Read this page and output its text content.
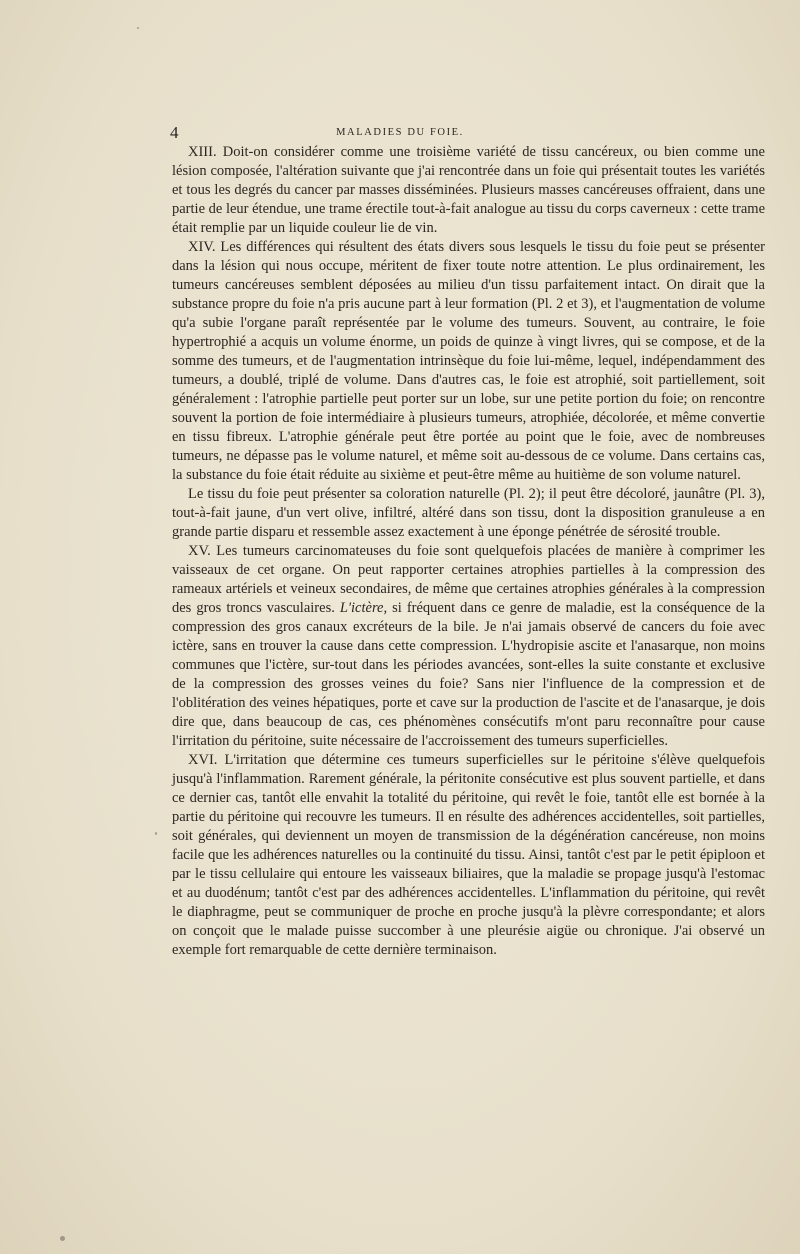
4	MALADIES DU FOIE.

XIII. Doit-on considérer comme une troisième variété de tissu cancéreux, ou bien comme une lésion composée, l'altération suivante que j'ai rencontrée dans un foie qui présentait toutes les variétés et tous les degrés du cancer par masses disséminées. Plusieurs masses cancéreuses offraient, dans une partie de leur étendue, une trame érectile tout-à-fait analogue au tissu du corps caverneux : cette trame était remplie par un liquide couleur lie de vin.

XIV. Les différences qui résultent des états divers sous lesquels le tissu du foie peut se présenter dans la lésion qui nous occupe, méritent de fixer toute notre attention. Le plus ordinairement, les tumeurs cancéreuses semblent déposées au milieu d'un tissu parfaitement intact. On dirait que la substance propre du foie n'a pris aucune part à leur formation (Pl. 2 et 3), et l'augmentation de volume qu'a subie l'organe paraît représentée par le volume des tumeurs. Souvent, au contraire, le foie hypertrophié a acquis un volume énorme, un poids de quinze à vingt livres, qui se compose, et de la somme des tumeurs, et de l'augmentation intrinsèque du foie lui-même, lequel, indépendamment des tumeurs, a doublé, triplé de volume. Dans d'autres cas, le foie est atrophié, soit partiellement, soit généralement : l'atrophie partielle peut porter sur un lobe, sur une petite portion du foie; on rencontre souvent la portion de foie intermédiaire à plusieurs tumeurs, atrophiée, décolorée, et même convertie en tissu fibreux. L'atrophie générale peut être portée au point que le foie, avec de nombreuses tumeurs, ne dépasse pas le volume naturel, et même soit au-dessous de ce volume. Dans certains cas, la substance du foie était réduite au sixième et peut-être même au huitième de son volume naturel.

Le tissu du foie peut présenter sa coloration naturelle (Pl. 2); il peut être décoloré, jaunâtre (Pl. 3), tout-à-fait jaune, d'un vert olive, infiltré, altéré dans son tissu, dont la disposition granuleuse a en grande partie disparu et ressemble assez exactement à une éponge pénétrée de sérosité trouble.

XV. Les tumeurs carcinomateuses du foie sont quelquefois placées de manière à comprimer les vaisseaux de cet organe. On peut rapporter certaines atrophies partielles à la compression des rameaux artériels et veineux secondaires, de même que certaines atrophies générales à la compression des gros troncs vasculaires. L'ictère, si fréquent dans ce genre de maladie, est la conséquence de la compression des gros canaux excréteurs de la bile. Je n'ai jamais observé de cancers du foie avec ictère, sans en trouver la cause dans cette compression. L'hydropisie ascite et l'anasarque, non moins communes que l'ictère, sur-tout dans les périodes avancées, sont-elles la suite constante et exclusive de la compression des grosses veines du foie? Sans nier l'influence de la compression et de l'oblitération des veines hépatiques, porte et cave sur la production de l'ascite et de l'anasarque, je dois dire que, dans beaucoup de cas, ces phénomènes consécutifs m'ont paru reconnaître pour cause l'irritation du péritoine, suite nécessaire de l'accroissement des tumeurs superficielles.

XVI. L'irritation que détermine ces tumeurs superficielles sur le péritoine s'élève quelquefois jusqu'à l'inflammation. Rarement générale, la péritonite consécutive est plus souvent partielle, et dans ce dernier cas, tantôt elle envahit la totalité du péritoine, qui revêt le foie, tantôt elle est bornée à la partie du péritoine qui recouvre les tumeurs. Il en résulte des adhérences accidentelles, soit partielles, soit générales, qui deviennent un moyen de transmission de la dégénération cancéreuse, non moins facile que les adhérences naturelles ou la continuité du tissu. Ainsi, tantôt c'est par le petit épiploon et par le tissu cellulaire qui entoure les vaisseaux biliaires, que la maladie se propage jusqu'à l'estomac et au duodénum; tantôt c'est par des adhérences accidentelles. L'inflammation du péritoine, qui revêt le diaphragme, peut se communiquer de proche en proche jusqu'à la plèvre correspondante; et alors on conçoit que le malade puisse succomber à une pleurésie aigüe ou chronique. J'ai observé un exemple fort remarquable de cette dernière terminaison.
